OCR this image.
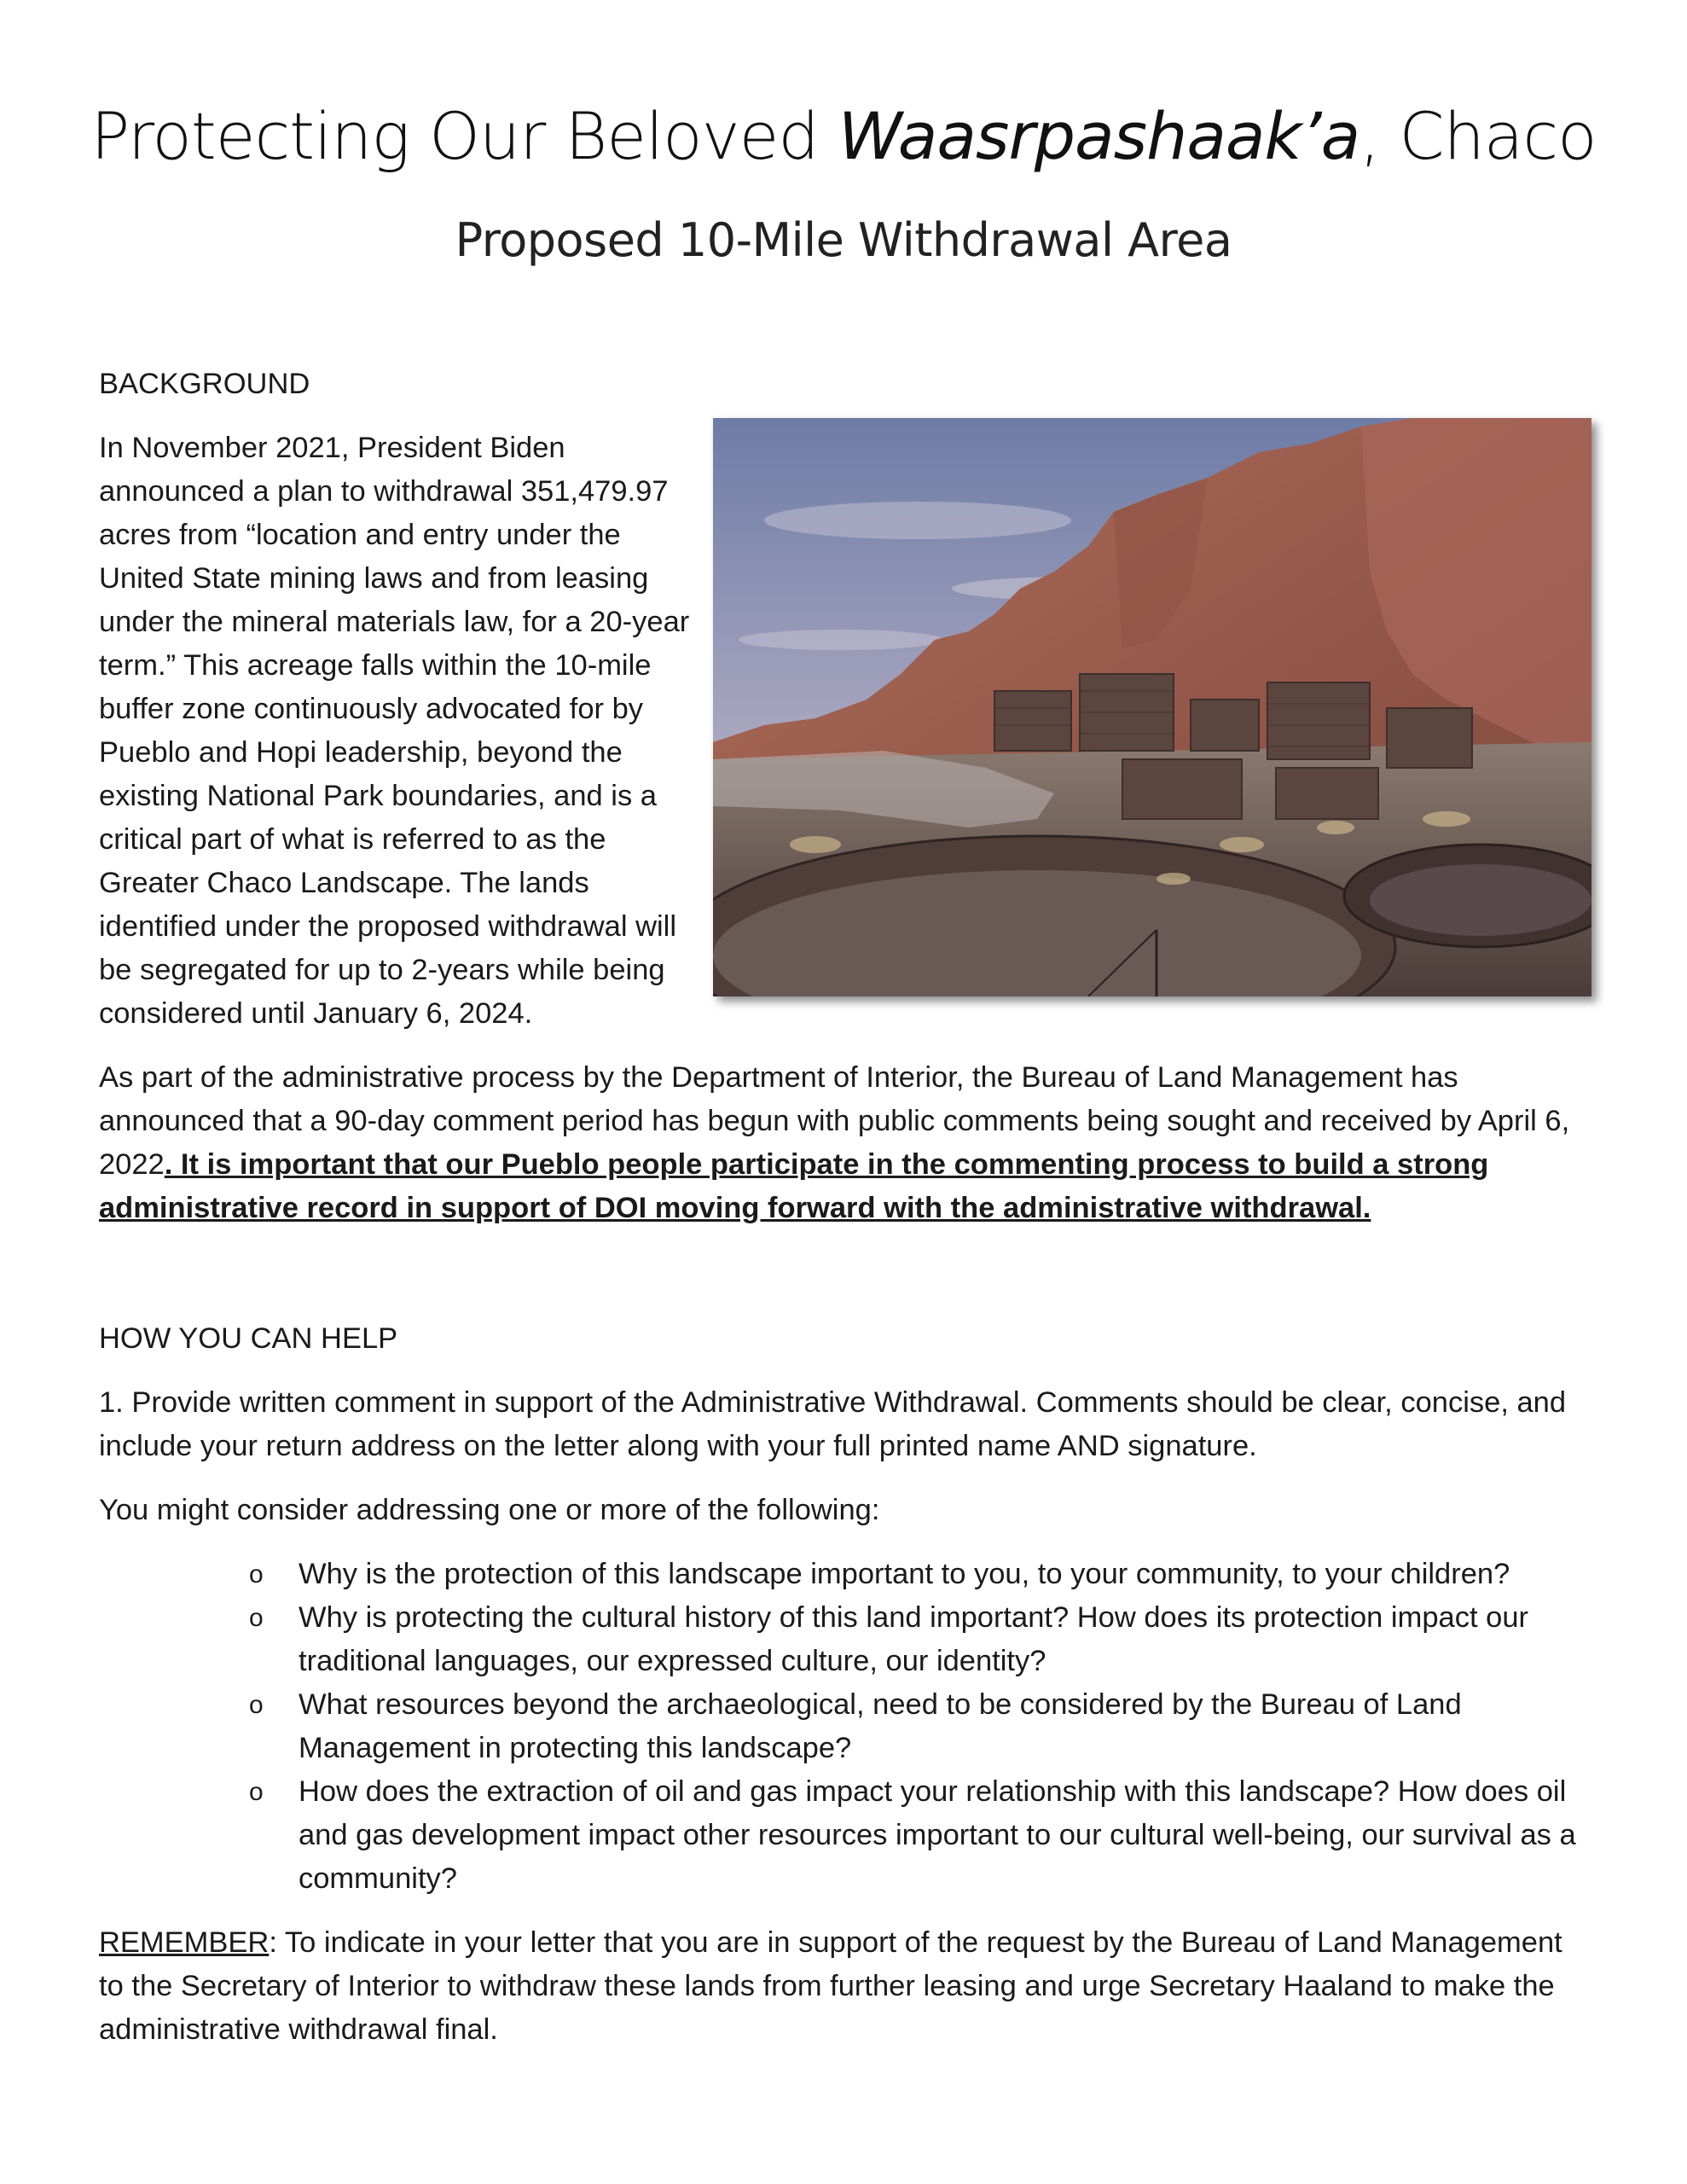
Protecting Our Beloved Waasrpashaak’a, Chaco
Proposed 10-Mile Withdrawal Area
BACKGROUND

In November 2021, President Biden announced a plan to withdrawal 351,479.97 acres from “location and entry under the United State mining laws and from leasing under the mineral materials law, for a 20-year term.” This acreage falls within the 10-mile buffer zone continuously advocated for by Pueblo and Hopi leadership, beyond the existing National Park boundaries, and is a critical part of what is referred to as the Greater Chaco Landscape. The lands identified under the proposed withdrawal will be segregated for up to 2-years while being considered until January 6, 2024.

As part of the administrative process by the Department of Interior, the Bureau of Land Management has announced that a 90-day comment period has begun with public comments being sought and received by April 6, 2022. It is important that our Pueblo people participate in the commenting process to build a strong administrative record in support of DOI moving forward with the administrative withdrawal.

HOW YOU CAN HELP

1. Provide written comment in support of the Administrative Withdrawal. Comments should be clear, concise, and include your return address on the letter along with your full printed name AND signature.

You might consider addressing one or more of the following:

o Why is the protection of this landscape important to you, to your community, to your children?
o Why is protecting the cultural history of this land important? How does its protection impact our traditional languages, our expressed culture, our identity?
o What resources beyond the archaeological, need to be considered by the Bureau of Land Management in protecting this landscape?
o How does the extraction of oil and gas impact your relationship with this landscape? How does oil and gas development impact other resources important to our cultural well-being, our survival as a community?

REMEMBER: To indicate in your letter that you are in support of the request by the Bureau of Land Management to the Secretary of Interior to withdraw these lands from further leasing and urge Secretary Haaland to make the administrative withdrawal final.
